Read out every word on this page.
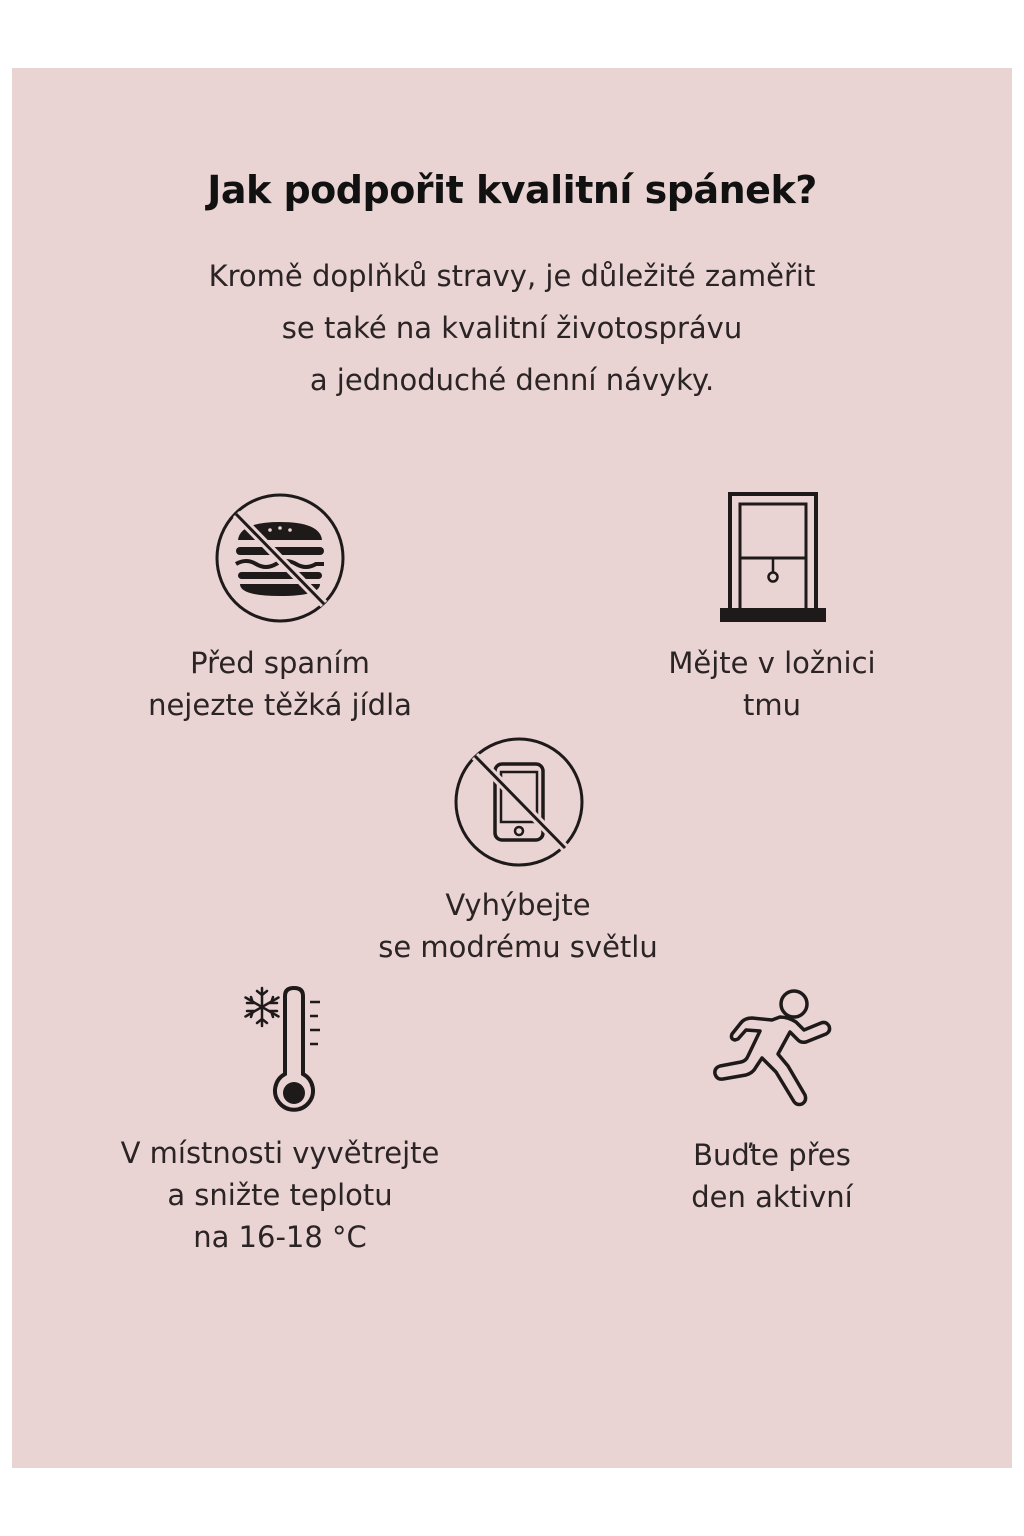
Jak podpořit kvalitní spánek?
Kromě doplňků stravy, je důležité zaměřit
se také na kvalitní životosprávu
a jednoduché denní návyky.
Před spaním
nejezte těžká jídla
Mějte v ložnici
tmu
Vyhýbejte
se modrému světlu
V místnosti vyvětrejte
a snižte teplotu
na 16-18 °C
Buďte přes
den aktivní
